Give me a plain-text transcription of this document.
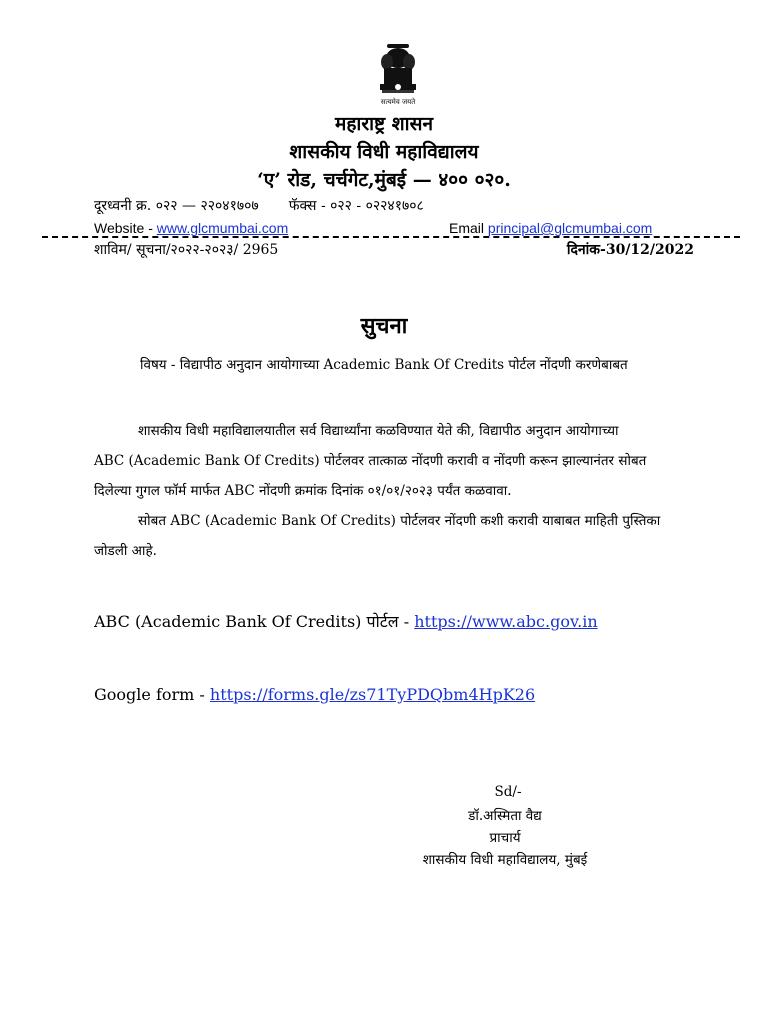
सत्यमेव जयते
महाराष्ट्र शासन
शासकीय विधी महाविद्यालय
‘ए’ रोड, चर्चगेट,मुंबई — ४०० ०२०.
दूरध्वनी क्र. ०२२ — २२०४१७०७ फॅक्स - ०२२ - ०२२४१७०८
Website - www.glcmumbai.com	Email principal@glcmumbai.com
शाविम/ सूचना/२०२२-२०२३/ 2965	दिनांक-30/12/2022
सुचना
विषय - विद्यापीठ अनुदान आयोगाच्या Academic Bank Of Credits पोर्टल नोंदणी करणेबाबत

शासकीय विधी महाविद्यालयातील सर्व विद्यार्थ्यांना कळविण्यात येते की, विद्यापीठ अनुदान आयोगाच्या

ABC (Academic Bank Of Credits) पोर्टलवर तात्काळ नोंदणी करावी व नोंदणी करून झाल्यानंतर सोबत

दिलेल्या गुगल फॉर्म मार्फत ABC नोंदणी क्रमांक दिनांक ०१/०१/२०२३ पर्यंत कळवावा.

सोबत ABC (Academic Bank Of Credits) पोर्टलवर नोंदणी कशी करावी याबाबत माहिती पुस्तिका

जोडली आहे.

ABC (Academic Bank Of Credits) पोर्टल - https://www.abc.gov.in
Google form - https://forms.gle/zs71TyPDQbm4HpK26
Sd/-
डॉ.अस्मिता वैद्य
प्राचार्य
शासकीय विधी महाविद्यालय, मुंबई
